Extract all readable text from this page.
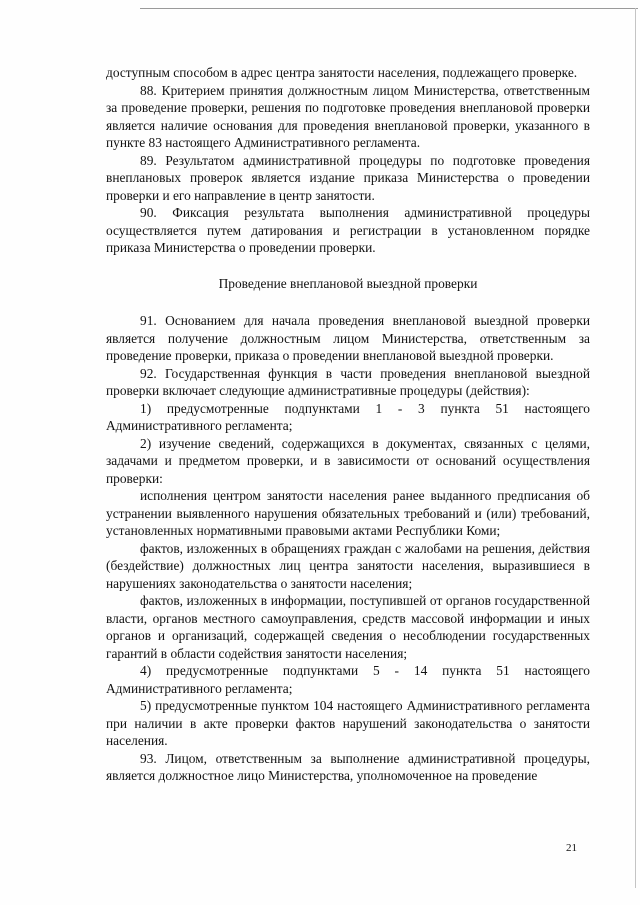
доступным способом в адрес центра занятости населения, подлежащего проверке.

88. Критерием принятия должностным лицом Министерства, ответственным за проведение проверки, решения по подготовке проведения внеплановой проверки является наличие основания для проведения внеплановой проверки, указанного в пункте 83 настоящего Административного регламента.

89. Результатом административной процедуры по подготовке проведения внеплановых проверок является издание приказа Министерства о проведении проверки и его направление в центр занятости.

90. Фиксация результата выполнения административной процедуры осуществляется путем датирования и регистрации в установленном порядке приказа Министерства о проведении проверки.

Проведение внеплановой выездной проверки

91. Основанием для начала проведения внеплановой выездной проверки является получение должностным лицом Министерства, ответственным за проведение проверки, приказа о проведении внеплановой выездной проверки.

92. Государственная функция в части проведения внеплановой выездной проверки включает следующие административные процедуры (действия):

1) предусмотренные подпунктами 1 - 3 пункта 51 настоящего Административного регламента;

2) изучение сведений, содержащихся в документах, связанных с целями, задачами и предметом проверки, и в зависимости от оснований осуществления проверки:

исполнения центром занятости населения ранее выданного предписания об устранении выявленного нарушения обязательных требований и (или) требований, установленных нормативными правовыми актами Республики Коми;

фактов, изложенных в обращениях граждан с жалобами на решения, действия (бездействие) должностных лиц центра занятости населения, выразившиеся в нарушениях законодательства о занятости населения;

фактов, изложенных в информации, поступившей от органов государственной власти, органов местного самоуправления, средств массовой информации и иных органов и организаций, содержащей сведения о несоблюдении государственных гарантий в области содействия занятости населения;

4) предусмотренные подпунктами 5 - 14 пункта 51 настоящего Административного регламента;

5) предусмотренные пунктом 104 настоящего Административного регламента при наличии в акте проверки фактов нарушений законодательства о занятости населения.

93. Лицом, ответственным за выполнение административной процедуры, является должностное лицо Министерства, уполномоченное на проведение

21
